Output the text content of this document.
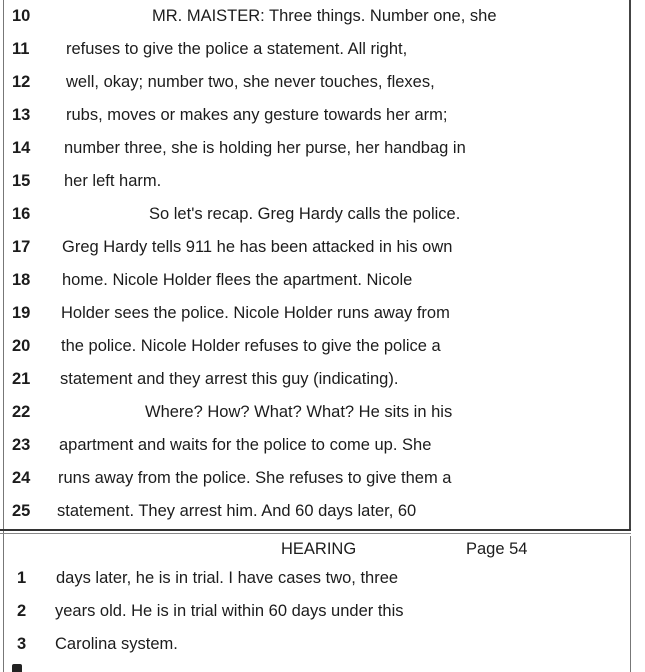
10	MR. MAISTER: Three things. Number one, she
11	refuses to give the police a statement. All right,
12	well, okay; number two, she never touches, flexes,
13	rubs, moves or makes any gesture towards her arm;
14	number three, she is holding her purse, her handbag in
15	her left harm.
16	So let's recap. Greg Hardy calls the police.
17	Greg Hardy tells 911 he has been attacked in his own
18	home. Nicole Holder flees the apartment. Nicole
19	Holder sees the police. Nicole Holder runs away from
20	the police. Nicole Holder refuses to give the police a
21	statement and they arrest this guy (indicating).
22	Where? How? What? What? He sits in his
23	apartment and waits for the police to come up. She
24	runs away from the police. She refuses to give them a
25	statement. They arrest him. And 60 days later, 60
HEARING	Page 54
1	days later, he is in trial. I have cases two, three
2	years old. He is in trial within 60 days under this
3	Carolina system.
